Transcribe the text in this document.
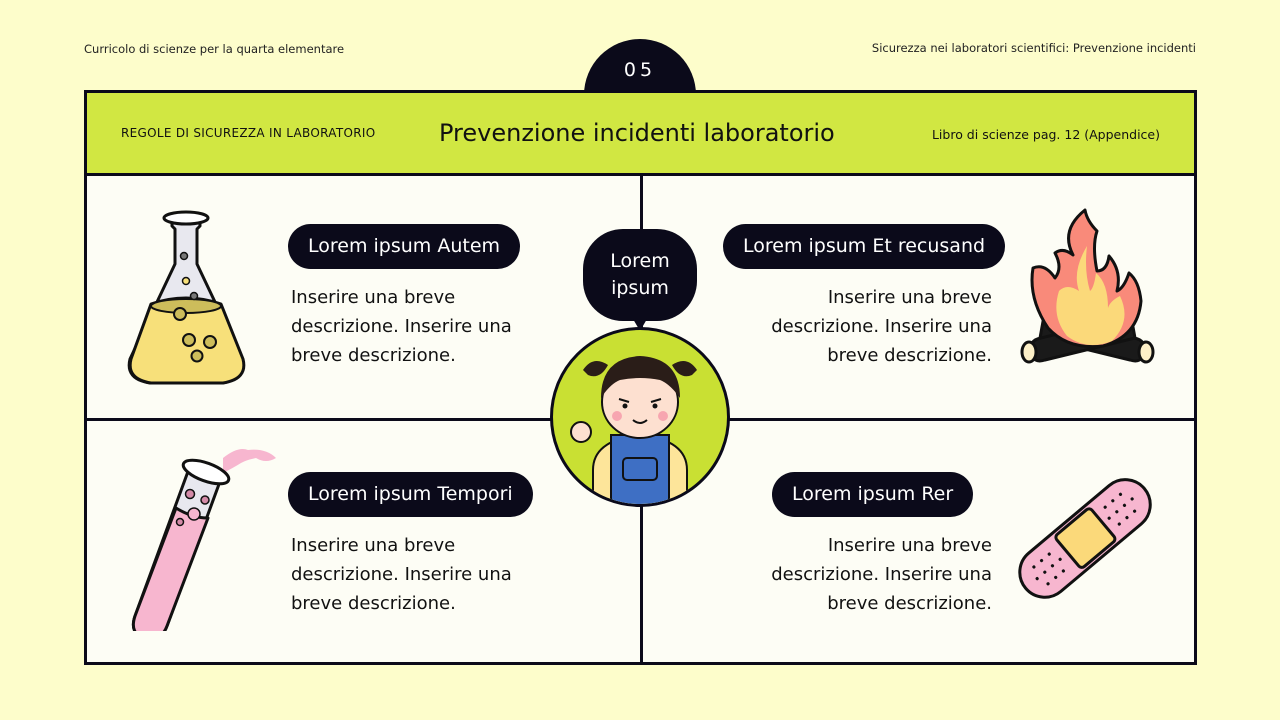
Curricolo di scienze per la quarta elementare	Sicurezza nei laboratori scientifici: Prevenzione incidenti
05
REGOLE DI SICUREZZA IN LABORATORIO	Prevenzione incidenti laboratorio	Libro di scienze pag. 12 (Appendice)
Lorem ipsum Autem
Inserire una breve descrizione. Inserire una breve descrizione.
Lorem ipsum Et recusand
Inserire una breve descrizione. Inserire una breve descrizione.
Lorem ipsum Tempori
Inserire una breve descrizione. Inserire una breve descrizione.
Lorem ipsum Rer
Inserire una breve descrizione. Inserire una breve descrizione.
Lorem
ipsum
